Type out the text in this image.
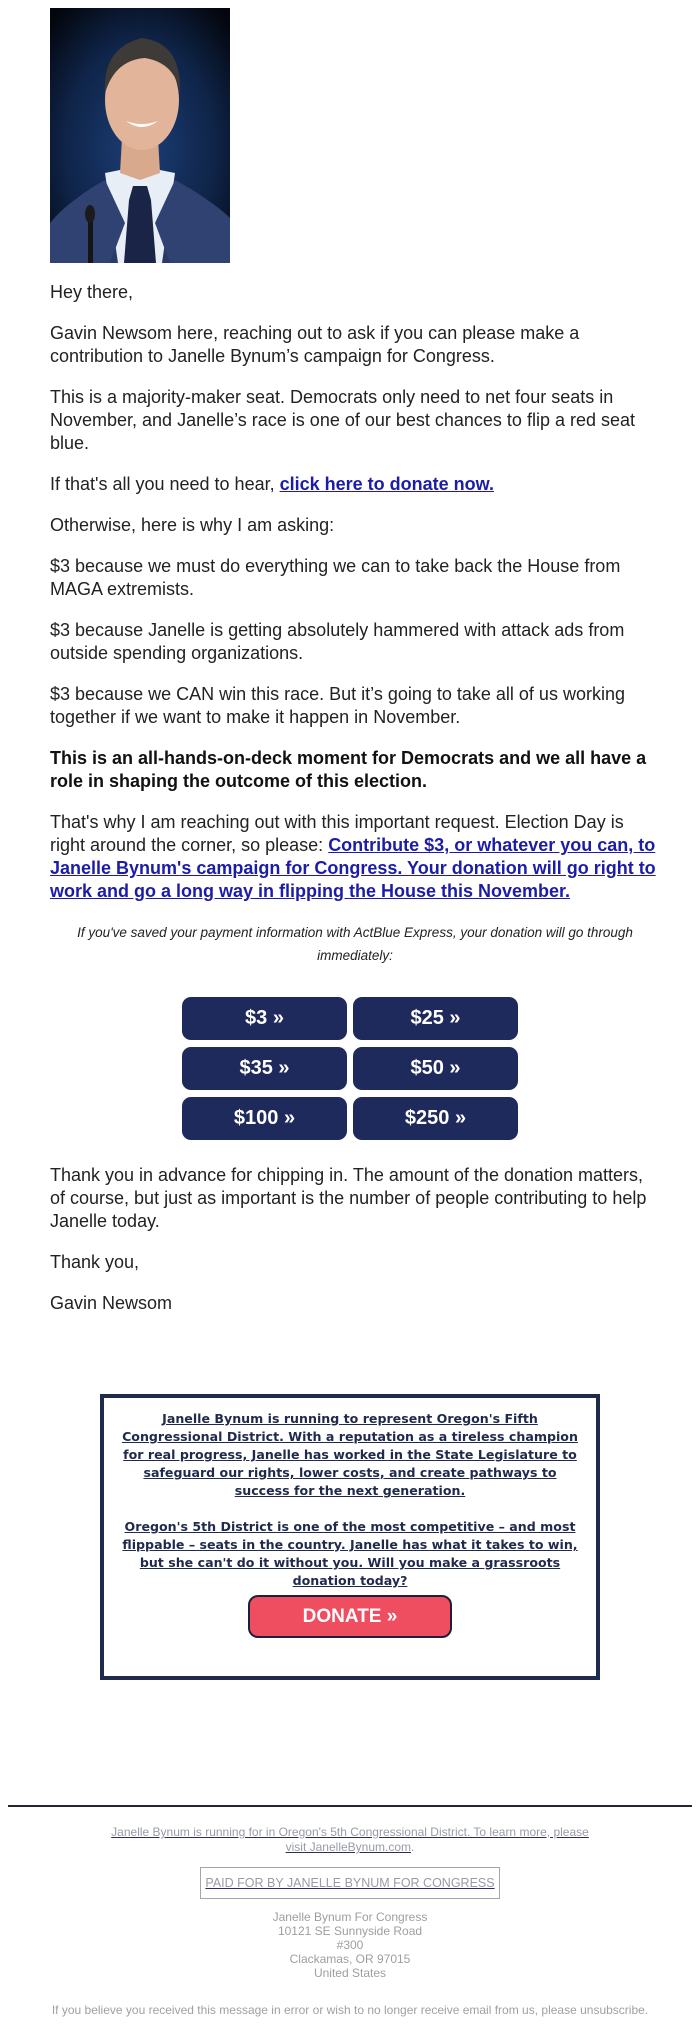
Hey there,

Gavin Newsom here, reaching out to ask if you can please make a contribution to Janelle Bynum’s campaign for Congress.

This is a majority-maker seat. Democrats only need to net four seats in November, and Janelle’s race is one of our best chances to flip a red seat blue.

If that's all you need to hear, click here to donate now.

Otherwise, here is why I am asking:

$3 because we must do everything we can to take back the House from MAGA extremists.

$3 because Janelle is getting absolutely hammered with attack ads from outside spending organizations.

$3 because we CAN win this race. But it’s going to take all of us working together if we want to make it happen in November.

This is an all-hands-on-deck moment for Democrats and we all have a role in shaping the outcome of this election.

That's why I am reaching out with this important request. Election Day is right around the corner, so please: Contribute $3, or whatever you can, to Janelle Bynum's campaign for Congress. Your donation will go right to work and go a long way in flipping the House this November.

If you've saved your payment information with ActBlue Express, your donation will go through immediately:

$3 »	$25 »
$35 »	$50 »
$100 »	$250 »

Thank you in advance for chipping in. The amount of the donation matters, of course, but just as important is the number of people contributing to help Janelle today.

Thank you,

Gavin Newsom

Janelle Bynum is running to represent Oregon's Fifth Congressional District. With a reputation as a tireless champion for real progress, Janelle has worked in the State Legislature to safeguard our rights, lower costs, and create pathways to success for the next generation.

Oregon's 5th District is one of the most competitive – and most flippable – seats in the country. Janelle has what it takes to win, but she can't do it without you. Will you make a grassroots donation today?

DONATE »

Janelle Bynum is running for in Oregon's 5th Congressional District. To learn more, please visit JanelleBynum.com.

PAID FOR BY JANELLE BYNUM FOR CONGRESS
Janelle Bynum For Congress
10121 SE Sunnyside Road
#300
Clackamas, OR 97015
United States

If you believe you received this message in error or wish to no longer receive email from us, please unsubscribe.
